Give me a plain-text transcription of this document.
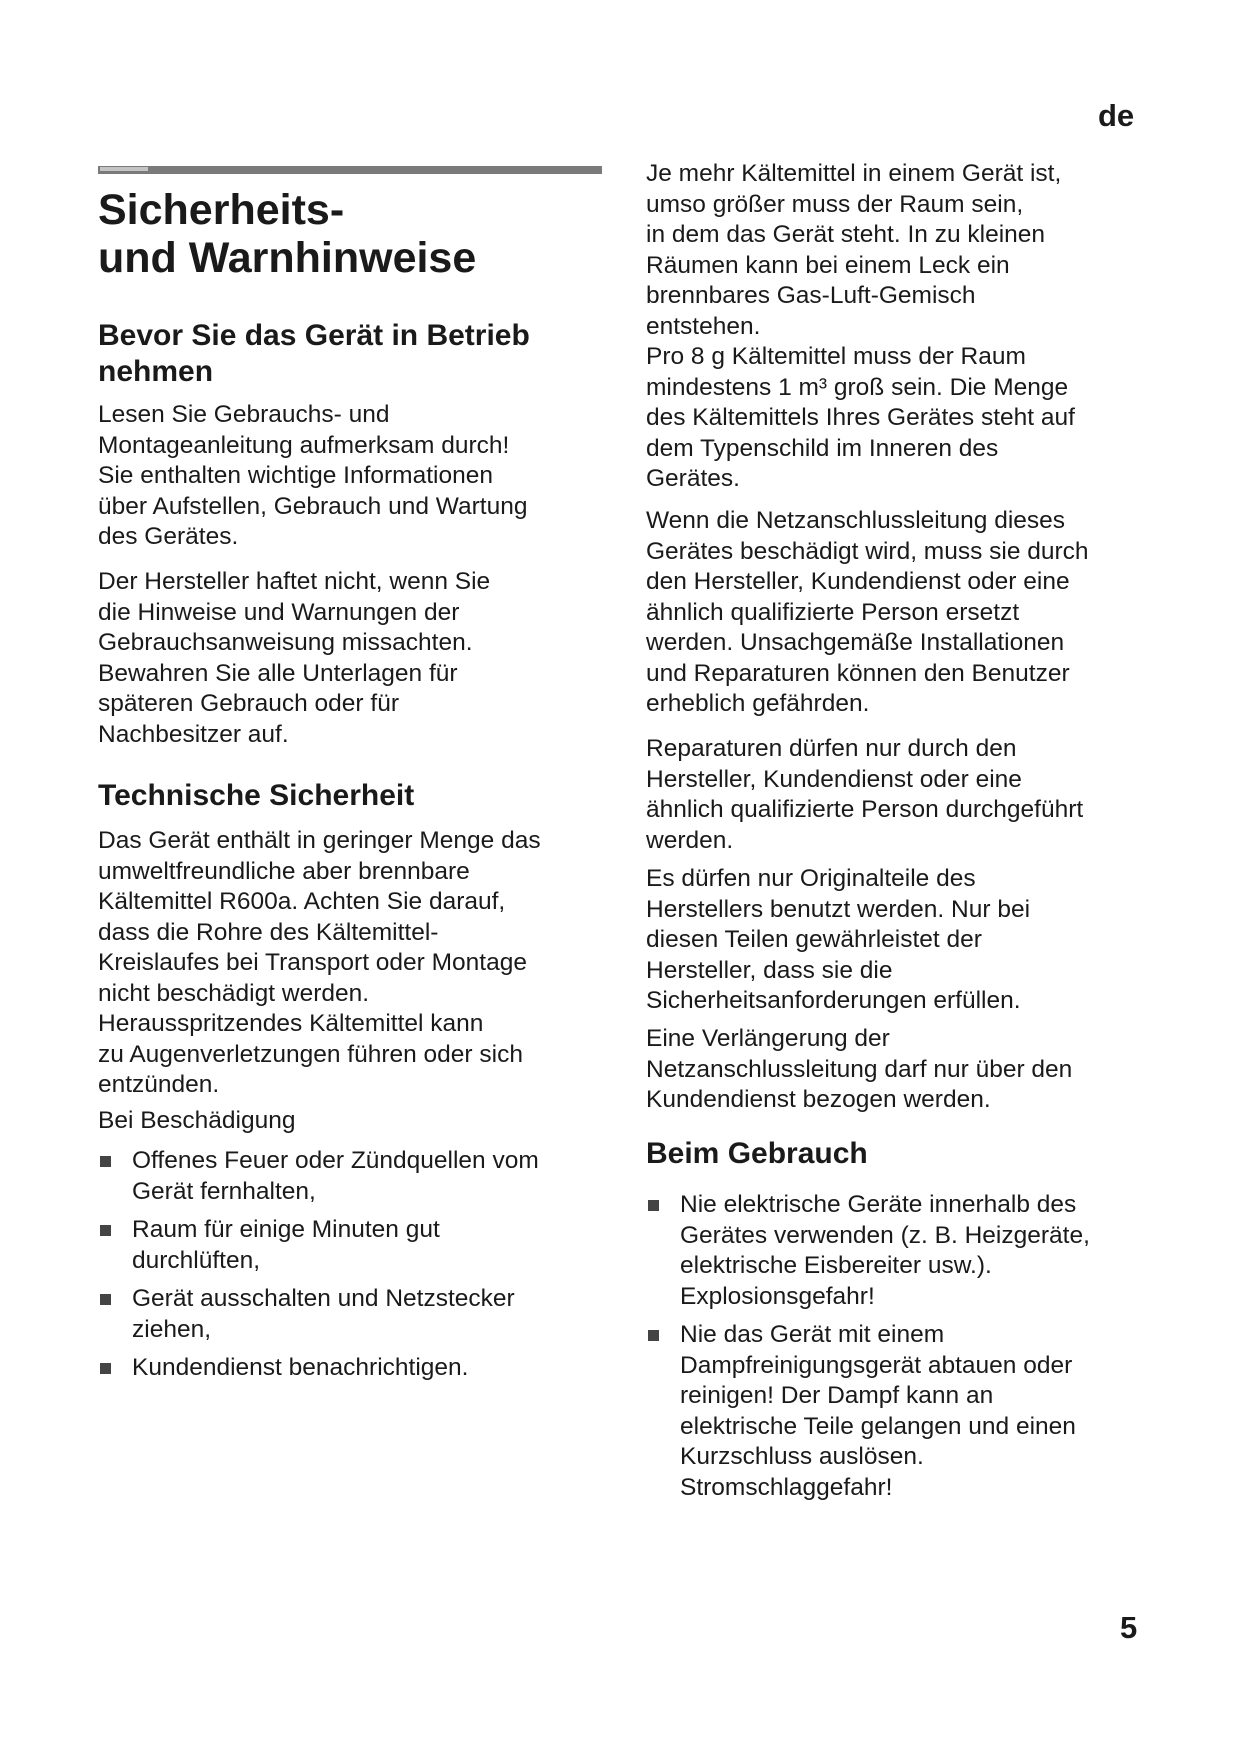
de
Sicherheits-
und Warnhinweise
Bevor Sie das Gerät in Betrieb
nehmen
Lesen Sie Gebrauchs- und
Montageanleitung aufmerksam durch!
Sie enthalten wichtige Informationen
über Aufstellen, Gebrauch und Wartung
des Gerätes.
Der Hersteller haftet nicht, wenn Sie
die Hinweise und Warnungen der
Gebrauchsanweisung missachten.
Bewahren Sie alle Unterlagen für
späteren Gebrauch oder für
Nachbesitzer auf.
Technische Sicherheit
Das Gerät enthält in geringer Menge das
umweltfreundliche aber brennbare
Kältemittel R600a. Achten Sie darauf,
dass die Rohre des Kältemittel-
Kreislaufes bei Transport oder Montage
nicht beschädigt werden.
Herausspritzendes Kältemittel kann
zu Augenverletzungen führen oder sich
entzünden.
Bei Beschädigung
Offenes Feuer oder Zündquellen vom
Gerät fernhalten,
Raum für einige Minuten gut
durchlüften,
Gerät ausschalten und Netzstecker
ziehen,
Kundendienst benachrichtigen.
Je mehr Kältemittel in einem Gerät ist,
umso größer muss der Raum sein,
in dem das Gerät steht. In zu kleinen
Räumen kann bei einem Leck ein
brennbares Gas-Luft-Gemisch
entstehen.
Pro 8 g Kältemittel muss der Raum
mindestens 1 m³ groß sein. Die Menge
des Kältemittels Ihres Gerätes steht auf
dem Typenschild im Inneren des
Gerätes.
Wenn die Netzanschlussleitung dieses
Gerätes beschädigt wird, muss sie durch
den Hersteller, Kundendienst oder eine
ähnlich qualifizierte Person ersetzt
werden. Unsachgemäße Installationen
und Reparaturen können den Benutzer
erheblich gefährden.
Reparaturen dürfen nur durch den
Hersteller, Kundendienst oder eine
ähnlich qualifizierte Person durchgeführt
werden.
Es dürfen nur Originalteile des
Herstellers benutzt werden. Nur bei
diesen Teilen gewährleistet der
Hersteller, dass sie die
Sicherheitsanforderungen erfüllen.
Eine Verlängerung der
Netzanschlussleitung darf nur über den
Kundendienst bezogen werden.
Beim Gebrauch
Nie elektrische Geräte innerhalb des
Gerätes verwenden (z. B. Heizgeräte,
elektrische Eisbereiter usw.).
Explosionsgefahr!
Nie das Gerät mit einem
Dampfreinigungsgerät abtauen oder
reinigen! Der Dampf kann an
elektrische Teile gelangen und einen
Kurzschluss auslösen.
Stromschlaggefahr!
5
